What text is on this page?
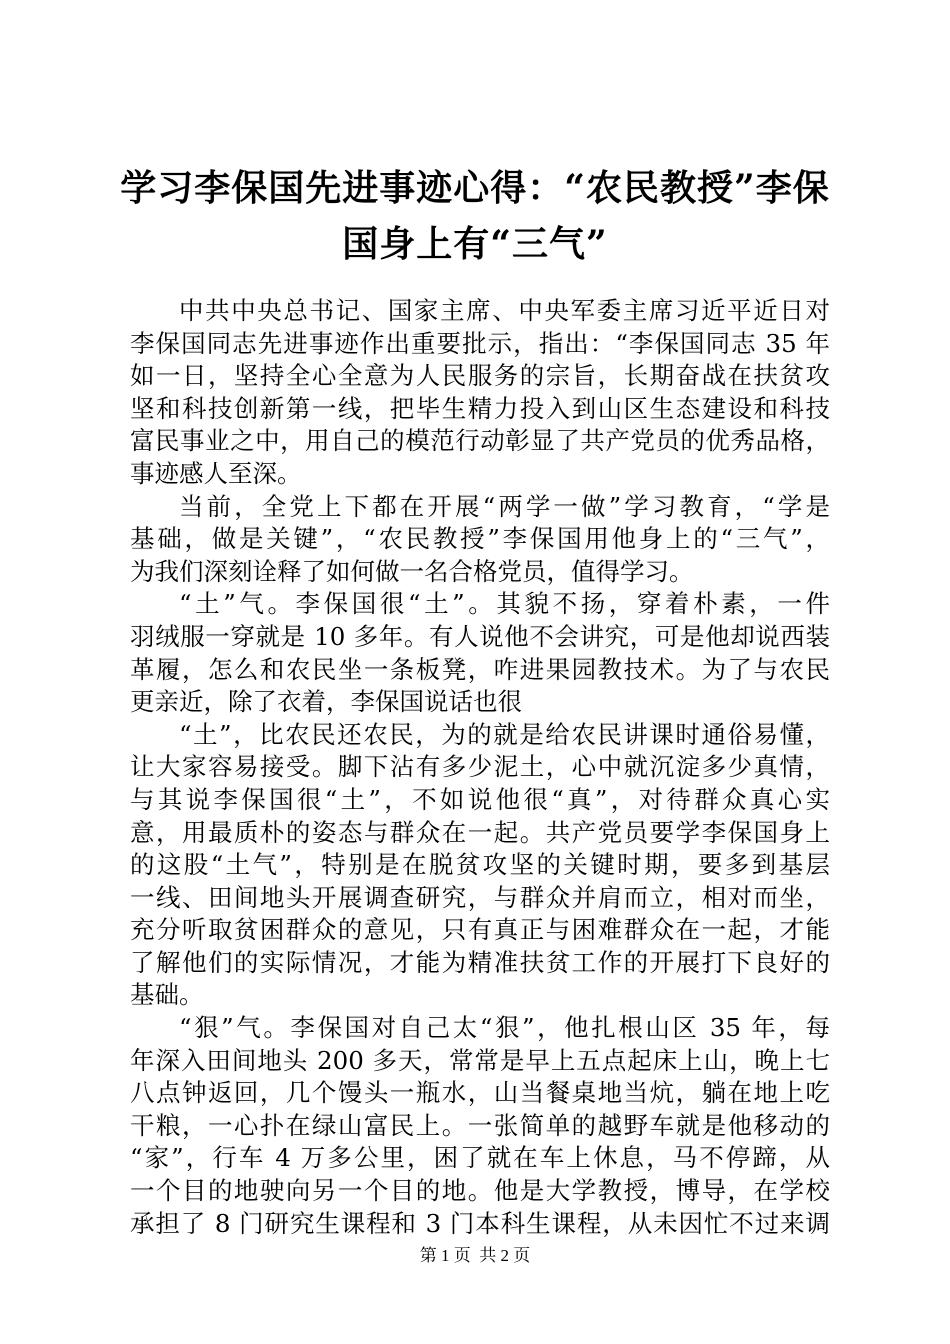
学习李保国先进事迹心得：“农民教授”李保
国身上有“三气”

中共中央总书记、国家主席、中央军委主席习近平近日对
李保国同志先进事迹作出重要批示，指出：“李保国同志 35 年
如一日，坚持全心全意为人民服务的宗旨，长期奋战在扶贫攻
坚和科技创新第一线，把毕生精力投入到山区生态建设和科技
富民事业之中，用自己的模范行动彰显了共产党员的优秀品格，
事迹感人至深。

当前，全党上下都在开展“两学一做”学习教育，“学是
基础，做是关键”，“农民教授”李保国用他身上的“三气”，
为我们深刻诠释了如何做一名合格党员，值得学习。

“土”气。李保国很“土”。其貌不扬，穿着朴素，一件
羽绒服一穿就是 10 多年。有人说他不会讲究，可是他却说西装
革履，怎么和农民坐一条板凳，咋进果园教技术。为了与农民
更亲近，除了衣着，李保国说话也很

“土”，比农民还农民，为的就是给农民讲课时通俗易懂，
让大家容易接受。脚下沾有多少泥土，心中就沉淀多少真情，
与其说李保国很“土”，不如说他很“真”，对待群众真心实
意，用最质朴的姿态与群众在一起。共产党员要学李保国身上
的这股“土气”，特别是在脱贫攻坚的关键时期，要多到基层
一线、田间地头开展调查研究，与群众并肩而立，相对而坐，
充分听取贫困群众的意见，只有真正与困难群众在一起，才能
了解他们的实际情况，才能为精准扶贫工作的开展打下良好的
基础。

“狠”气。李保国对自己太“狠”，他扎根山区 35 年，每
年深入田间地头 200 多天，常常是早上五点起床上山，晚上七
八点钟返回，几个馒头一瓶水，山当餐桌地当炕，躺在地上吃
干粮，一心扑在绿山富民上。一张简单的越野车就是他移动的
“家”，行车 4 万多公里，困了就在车上休息，马不停蹄，从
一个目的地驶向另一个目的地。他是大学教授，博导，在学校
承担了 8 门研究生课程和 3 门本科生课程，从未因忙不过来调

第 1 页  共 2 页
